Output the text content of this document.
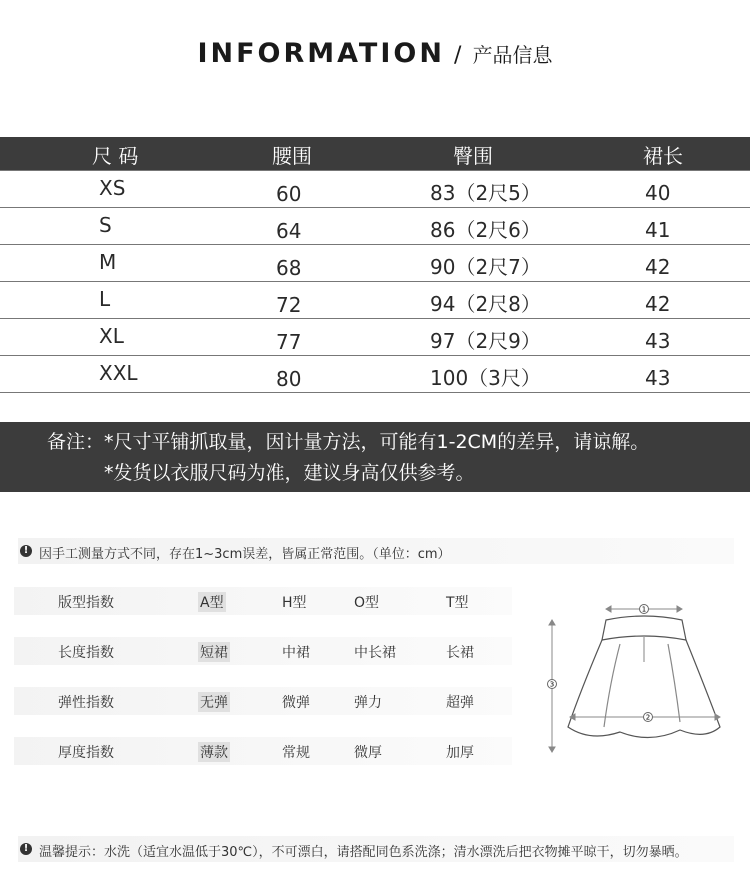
INFORMATION / 产品信息
尺 码	腰围	臀围	裙长
XS	60	83（2尺5）	40
S	64	86（2尺6）	41
M	68	90（2尺7）	42
L	72	94（2尺8）	42
XL	77	97（2尺9）	43
XXL	80	100（3尺）	43
备注：*尺寸平铺抓取量，因计量方法，可能有1-2CM的差异，请谅解。
*发货以衣服尺码为准，建议身高仅供参考。
! 因手工测量方式不同，存在1~3cm误差，皆属正常范围。（单位：cm）
版型指数	A型	H型	O型	T型
长度指数	短裙	中裙	中长裙	长裙
弹性指数	无弹	微弹	弹力	超弹
厚度指数	薄款	常规	微厚	加厚
1
2
3
! 温馨提示：水洗（适宜水温低于30℃），不可漂白，请搭配同色系洗涤；清水漂洗后把衣物摊平晾干，切勿暴晒。
